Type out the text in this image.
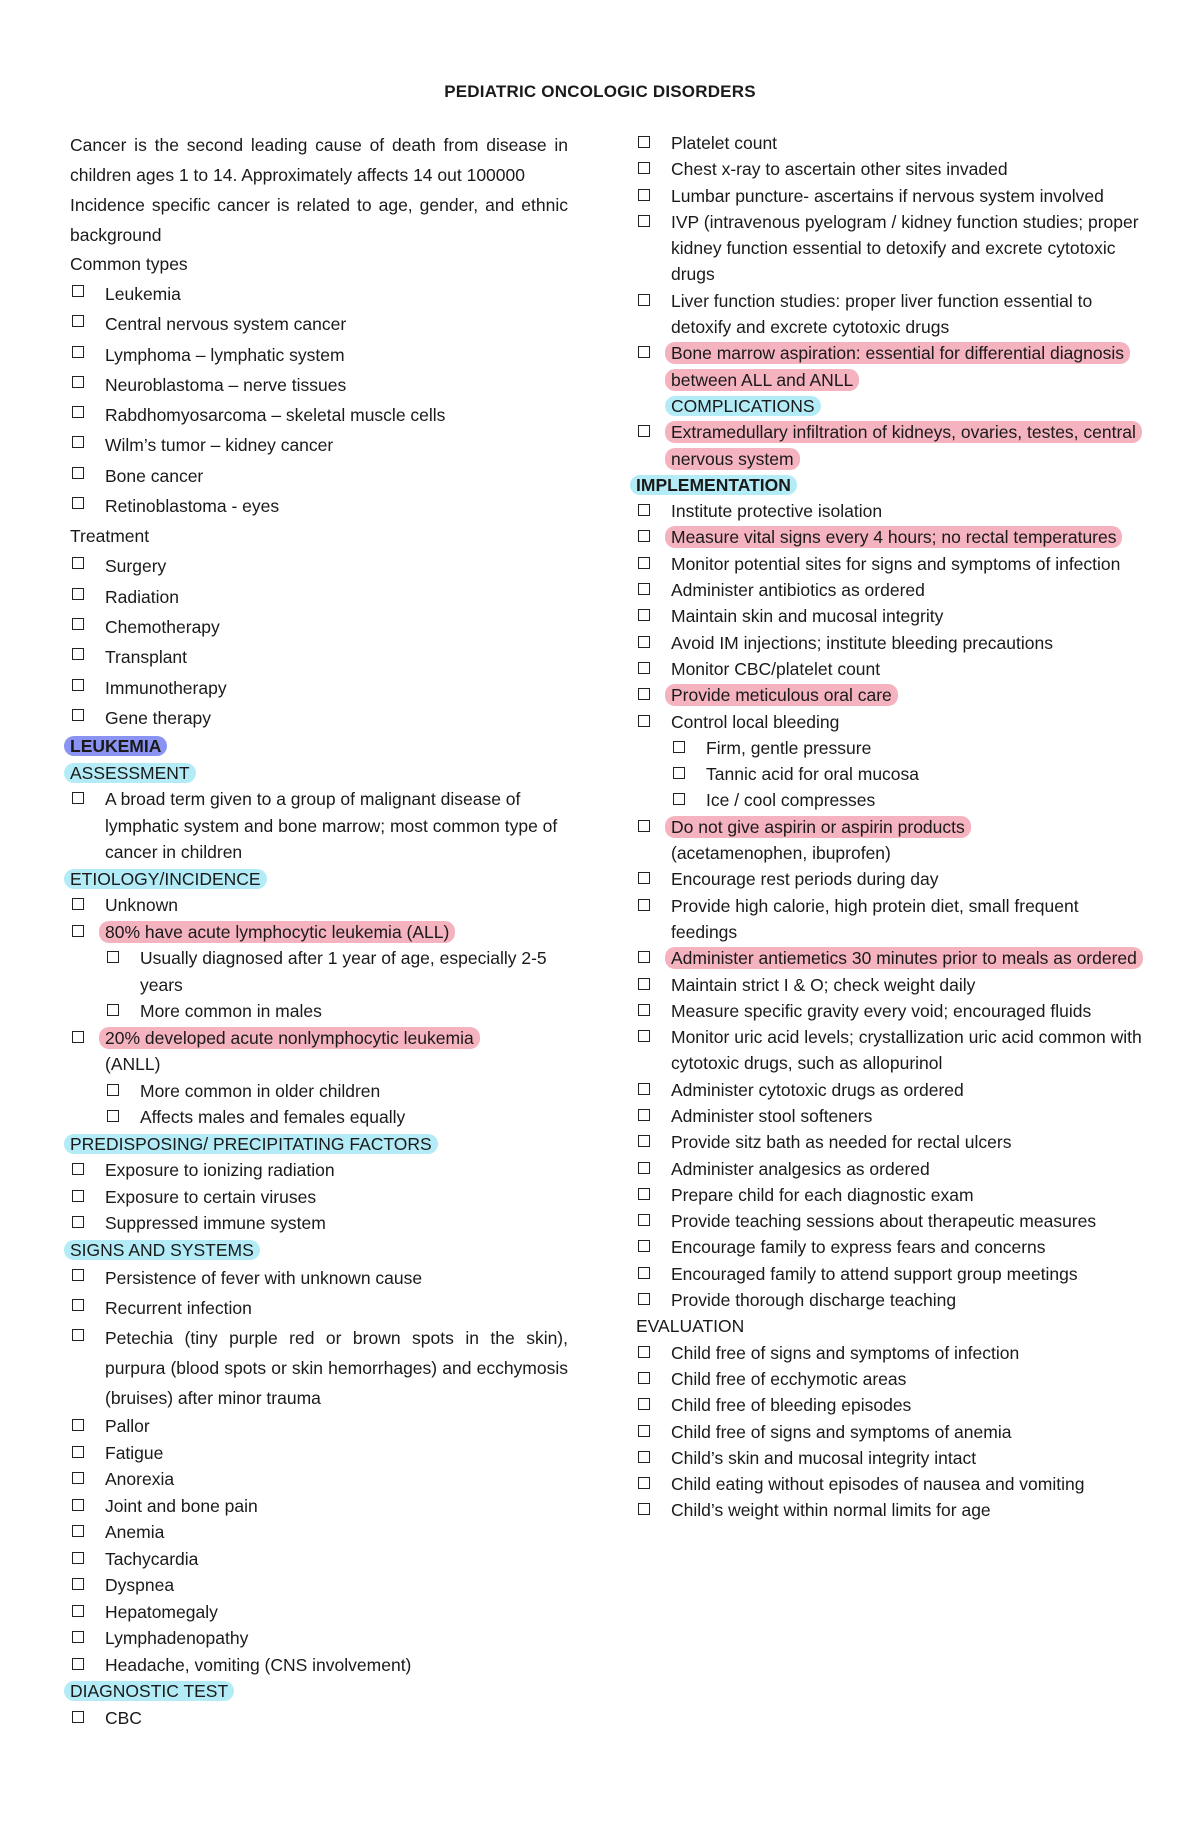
PEDIATRIC ONCOLOGIC DISORDERS
Cancer is the second leading cause of death from disease in children ages 1 to 14. Approximately affects 14 out 100000
Incidence specific cancer is related to age, gender, and ethnic background
Common types
Leukemia
Central nervous system cancer
Lymphoma – lymphatic system
Neuroblastoma – nerve tissues
Rabdhomyosarcoma – skeletal muscle cells
Wilm’s tumor – kidney cancer
Bone cancer
Retinoblastoma - eyes
Treatment
Surgery
Radiation
Chemotherapy
Transplant
Immunotherapy
Gene therapy
LEUKEMIA
ASSESSMENT
A broad term given to a group of malignant disease of lymphatic system and bone marrow; most common type of cancer in children
ETIOLOGY/INCIDENCE
Unknown
80% have acute lymphocytic leukemia (ALL)
Usually diagnosed after 1 year of age, especially 2-5 years
More common in males
20% developed acute nonlymphocytic leukemia
(ANLL)
More common in older children
Affects males and females equally
PREDISPOSING/ PRECIPITATING FACTORS
Exposure to ionizing radiation
Exposure to certain viruses
Suppressed immune system
SIGNS AND SYSTEMS
Persistence of fever with unknown cause
Recurrent infection
Petechia (tiny purple red or brown spots in the skin), purpura (blood spots or skin hemorrhages) and ecchymosis (bruises) after minor trauma
Pallor
Fatigue
Anorexia
Joint and bone pain
Anemia
Tachycardia
Dyspnea
Hepatomegaly
Lymphadenopathy
Headache, vomiting (CNS involvement)
DIAGNOSTIC TEST
CBC
Platelet count
Chest x-ray to ascertain other sites invaded
Lumbar puncture- ascertains if nervous system involved
IVP (intravenous pyelogram / kidney function studies; proper kidney function essential to detoxify and excrete cytotoxic drugs
Liver function studies: proper liver function essential to detoxify and excrete cytotoxic drugs
Bone marrow aspiration: essential for differential diagnosis between ALL and ANLL
COMPLICATIONS
Extramedullary infiltration of kidneys, ovaries, testes, central nervous system
IMPLEMENTATION
Institute protective isolation
Measure vital signs every 4 hours; no rectal temperatures
Monitor potential sites for signs and symptoms of infection
Administer antibiotics as ordered
Maintain skin and mucosal integrity
Avoid IM injections; institute bleeding precautions
Monitor CBC/platelet count
Provide meticulous oral care
Control local bleeding
Firm, gentle pressure
Tannic acid for oral mucosa
Ice / cool compresses
Do not give aspirin or aspirin products
(acetamenophen, ibuprofen)
Encourage rest periods during day
Provide high calorie, high protein diet, small frequent feedings
Administer antiemetics 30 minutes prior to meals as ordered
Maintain strict I & O; check weight daily
Measure specific gravity every void; encouraged fluids
Monitor uric acid levels; crystallization uric acid common with cytotoxic drugs, such as allopurinol
Administer cytotoxic drugs as ordered
Administer stool softeners
Provide sitz bath as needed for rectal ulcers
Administer analgesics as ordered
Prepare child for each diagnostic exam
Provide teaching sessions about therapeutic measures
Encourage family to express fears and concerns
Encouraged family to attend support group meetings
Provide thorough discharge teaching
EVALUATION
Child free of signs and symptoms of infection
Child free of ecchymotic areas
Child free of bleeding episodes
Child free of signs and symptoms of anemia
Child’s skin and mucosal integrity intact
Child eating without episodes of nausea and vomiting
Child’s weight within normal limits for age
